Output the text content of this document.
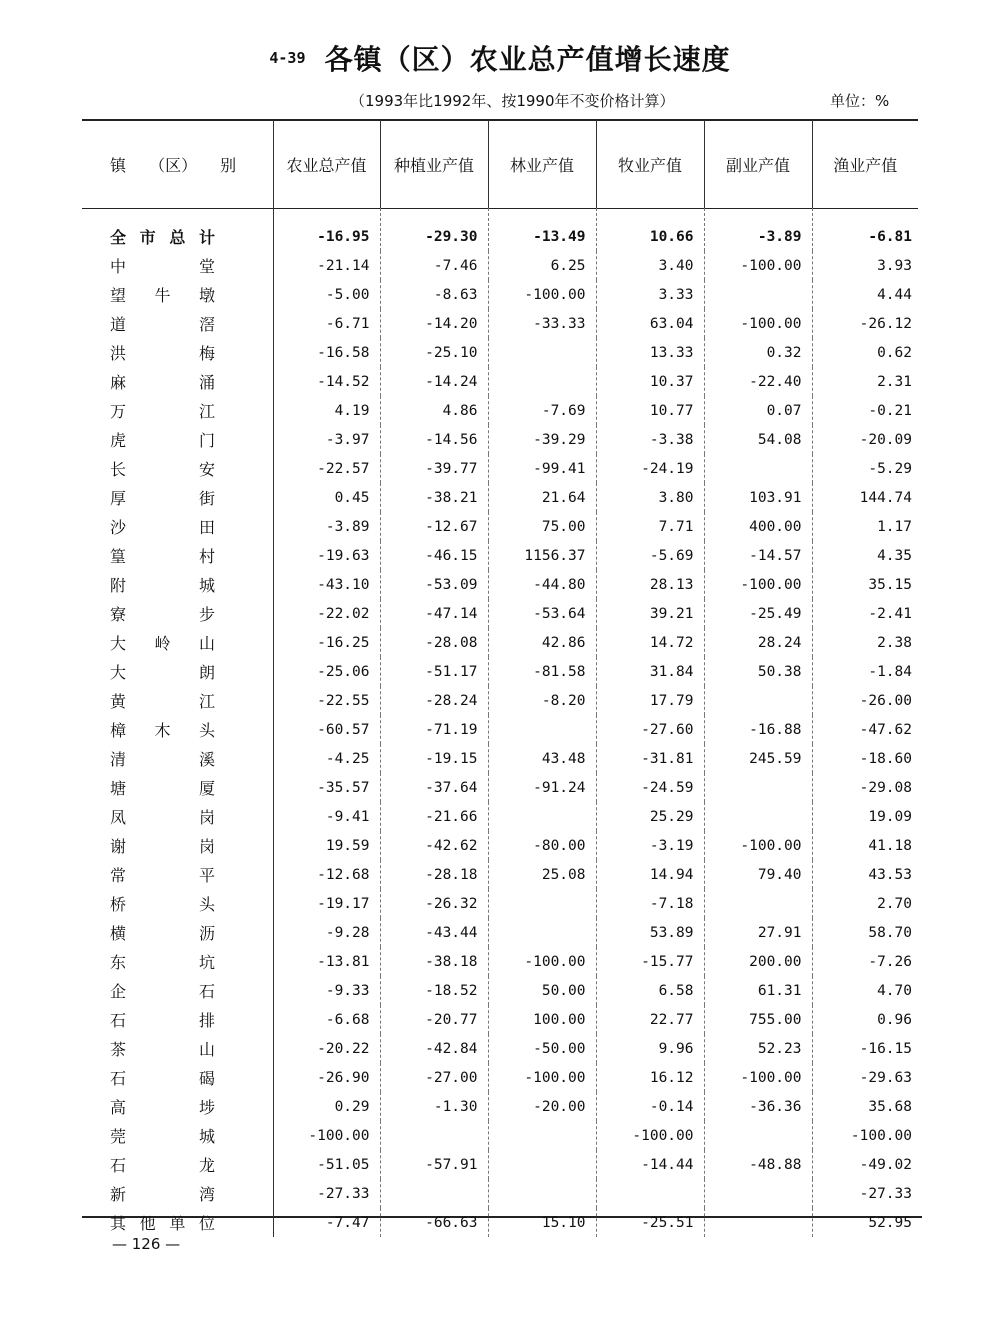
4-39 各镇（区）农业总产值增长速度
（1993年比1992年、按1990年不变价格计算）	单位：%
镇 （区） 别	农业总产值	种植业产值	林业产值	牧业产值	副业产值	渔业产值

全 市 总 计	-16.95	-29.30	-13.49	10.66	-3.89	-6.81

中 堂	-21.14	-7.46	6.25	3.40	-100.00	3.93

望 牛 墩	-5.00	-8.63	-100.00	3.33		4.44

道 滘	-6.71	-14.20	-33.33	63.04	-100.00	-26.12

洪 梅	-16.58	-25.10		13.33	0.32	0.62

麻 涌	-14.52	-14.24		10.37	-22.40	2.31

万 江	4.19	4.86	-7.69	10.77	0.07	-0.21

虎 门	-3.97	-14.56	-39.29	-3.38	54.08	-20.09

长 安	-22.57	-39.77	-99.41	-24.19		-5.29

厚 街	0.45	-38.21	21.64	3.80	103.91	144.74

沙 田	-3.89	-12.67	75.00	7.71	400.00	1.17

篁 村	-19.63	-46.15	1156.37	-5.69	-14.57	4.35

附 城	-43.10	-53.09	-44.80	28.13	-100.00	35.15

寮 步	-22.02	-47.14	-53.64	39.21	-25.49	-2.41

大 岭 山	-16.25	-28.08	42.86	14.72	28.24	2.38

大 朗	-25.06	-51.17	-81.58	31.84	50.38	-1.84

黄 江	-22.55	-28.24	-8.20	17.79		-26.00

樟 木 头	-60.57	-71.19		-27.60	-16.88	-47.62

清 溪	-4.25	-19.15	43.48	-31.81	245.59	-18.60

塘 厦	-35.57	-37.64	-91.24	-24.59		-29.08

凤 岗	-9.41	-21.66		25.29		19.09

谢 岗	19.59	-42.62	-80.00	-3.19	-100.00	41.18

常 平	-12.68	-28.18	25.08	14.94	79.40	43.53

桥 头	-19.17	-26.32		-7.18		2.70

横 沥	-9.28	-43.44		53.89	27.91	58.70

东 坑	-13.81	-38.18	-100.00	-15.77	200.00	-7.26

企 石	-9.33	-18.52	50.00	6.58	61.31	4.70

石 排	-6.68	-20.77	100.00	22.77	755.00	0.96

茶 山	-20.22	-42.84	-50.00	9.96	52.23	-16.15

石 碣	-26.90	-27.00	-100.00	16.12	-100.00	-29.63

高 埗	0.29	-1.30	-20.00	-0.14	-36.36	35.68

莞 城	-100.00			-100.00		-100.00

石 龙	-51.05	-57.91		-14.44	-48.88	-49.02

新 湾	-27.33					-27.33

其 他 单 位	-7.47	-66.63	15.10	-25.51		52.95
— 126 —
